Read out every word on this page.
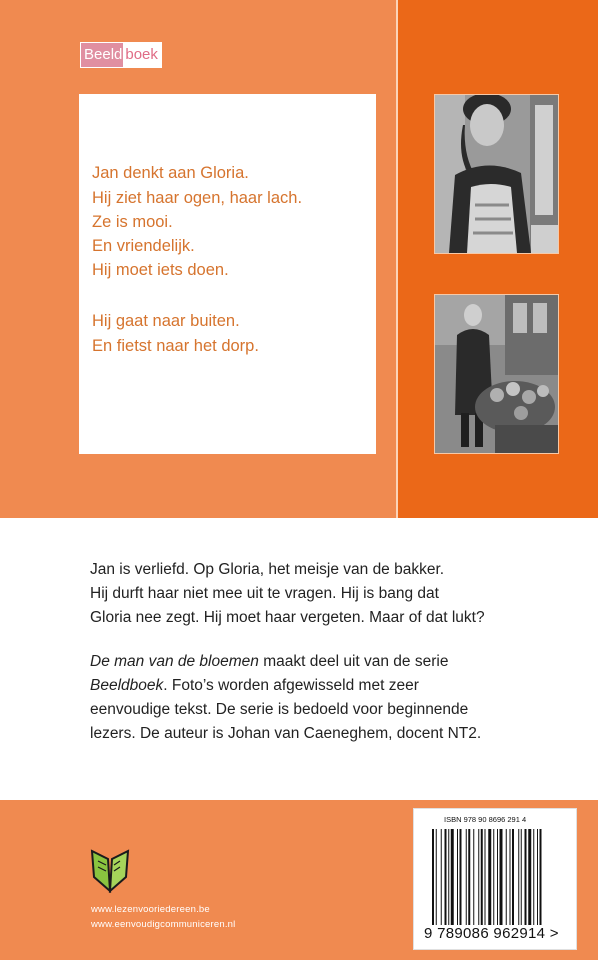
Beeld boek
Jan denkt aan Gloria.
Hij ziet haar ogen, haar lach.
Ze is mooi.
En vriendelijk.
Hij moet iets doen.
Hij gaat naar buiten.
En fietst naar het dorp.
Jan is verliefd. Op Gloria, het meisje van de bakker.
Hij durft haar niet mee uit te vragen. Hij is bang dat
Gloria nee zegt. Hij moet haar vergeten. Maar of dat lukt?
De man van de bloemen maakt deel uit van de serie
Beeldboek. Foto’s worden afgewisseld met zeer
eenvoudige tekst. De serie is bedoeld voor beginnende
lezers. De auteur is Johan van Caeneghem, docent NT2.
www.lezenvooriedereen.be
www.eenvoudigcommuniceren.nl
ISBN 978 90 8696 291 4
9 789086 962914 >
